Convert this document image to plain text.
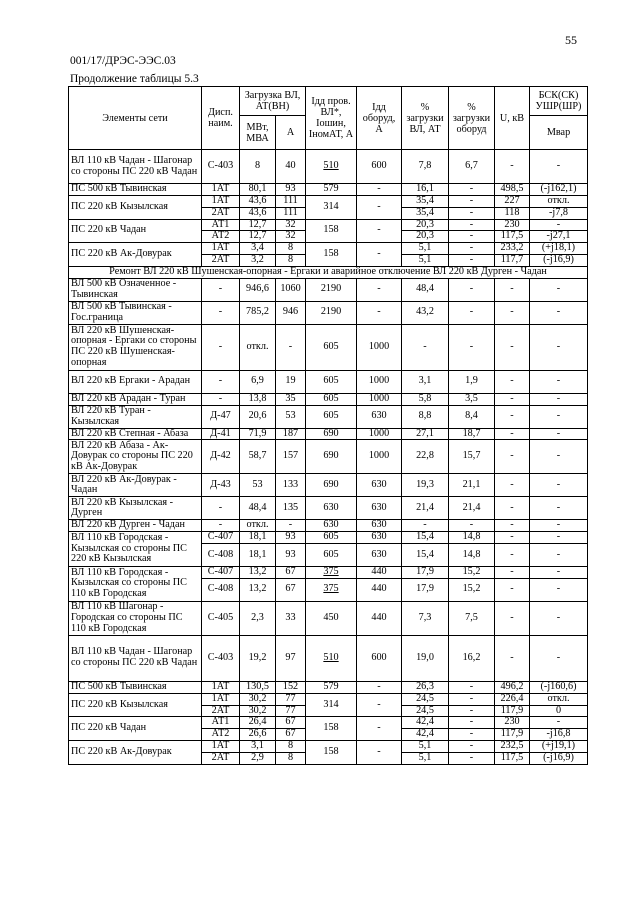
55
001/17/ДРЭС-ЭЭС.03
Продолжение таблицы 5.3
Элементы сети	Дисп. наим.	Загрузка ВЛ, АТ(ВН)		Iдд пров. ВЛ*, Iошин, IномАТ, А	Iдд оборуд, А	% загрузки ВЛ, АТ	% загрузки оборуд	U, кВ	БСК(СК) УШР(ШР)
		МВт, МВА	А						Мвар
ВЛ 110 кВ Чадан - Шагонар со стороны ПС 220 кВ Чадан	С-403	8	40	510	600	7,8	6,7	-	-
ПС 500 кВ Тывинская	1АТ	80,1	93	579	-	16,1	-	498,5	(-j162,1)
ПС 220 кВ Кызылская	1АТ	43,6	111	314	-	35,4	-	227	откл.
	2АТ	43,6	111			35,4	-	118	-j7,8
ПС 220 кВ Чадан	АТ1	12,7	32	158	-	20,3	-	230	-
	АТ2	12,7	32			20,3	-	117,5	-j27,1
ПС 220 кВ Ак-Довурак	1АТ	3,4	8	158	-	5,1	-	233,2	(+j18,1)
	2АТ	3,2	8			5,1	-	117,7	(-j16,9)
Ремонт ВЛ 220 кВ Шушенская-опорная - Ергаки и аварийное отключение ВЛ 220 кВ Дурген - Чадан									
ВЛ 500 кВ Означенное - Тывинская	-	946,6	1060	2190	-	48,4	-	-	-
ВЛ 500 кВ Тывинская - Гос.граница	-	785,2	946	2190	-	43,2	-	-	-
ВЛ 220 кВ Шушенская-опорная - Ергаки со стороны ПС 220 кВ Шушенская-опорная	-	откл.	-	605	1000	-	-	-	-
ВЛ 220 кВ Ергаки - Арадан	-	6,9	19	605	1000	3,1	1,9	-	-
ВЛ 220 кВ Арадан - Туран	-	13,8	35	605	1000	5,8	3,5	-	-
ВЛ 220 кВ Туран - Кызылская	Д-47	20,6	53	605	630	8,8	8,4	-	-
ВЛ 220 кВ Степная - Абаза	Д-41	71,9	187	690	1000	27,1	18,7	-	-
ВЛ 220 кВ Абаза - Ак-Довурак со стороны ПС 220 кВ Ак-Довурак	Д-42	58,7	157	690	1000	22,8	15,7	-	-
ВЛ 220 кВ Ак-Довурак - Чадан	Д-43	53	133	690	630	19,3	21,1	-	-
ВЛ 220 кВ Кызылская - Дурген	-	48,4	135	630	630	21,4	21,4	-	-
ВЛ 220 кВ Дурген - Чадан	-	откл.	-	630	630	-	-	-	-
ВЛ 110 кВ Городская - Кызылская со стороны ПС 220 кВ Кызылская	С-407	18,1	93	605	630	15,4	14,8	-	-
	С-408	18,1	93	605	630	15,4	14,8	-	-
ВЛ 110 кВ Городская - Кызылская со стороны ПС 110 кВ Городская	С-407	13,2	67	375	440	17,9	15,2	-	-
	С-408	13,2	67	375	440	17,9	15,2	-	-
ВЛ 110 кВ Шагонар - Городская со стороны ПС 110 кВ Городская	С-405	2,3	33	450	440	7,3	7,5	-	-
ВЛ 110 кВ Чадан - Шагонар со стороны ПС 220 кВ Чадан	С-403	19,2	97	510	600	19,0	16,2	-	-
ПС 500 кВ Тывинская	1АТ	130,5	152	579	-	26,3	-	496,2	(-j160,6)
ПС 220 кВ Кызылская	1АТ	30,2	77	314	-	24,5	-	226,4	откл.
	2АТ	30,2	77			24,5	-	117,9	0
ПС 220 кВ Чадан	АТ1	26,4	67	158	-	42,4	-	230	-
	АТ2	26,6	67			42,4	-	117,9	-j16,8
ПС 220 кВ Ак-Довурак	1АТ	3,1	8	158	-	5,1	-	232,5	(+j19,1)
	2АТ	2,9	8			5,1	-	117,5	(-j16,9)
